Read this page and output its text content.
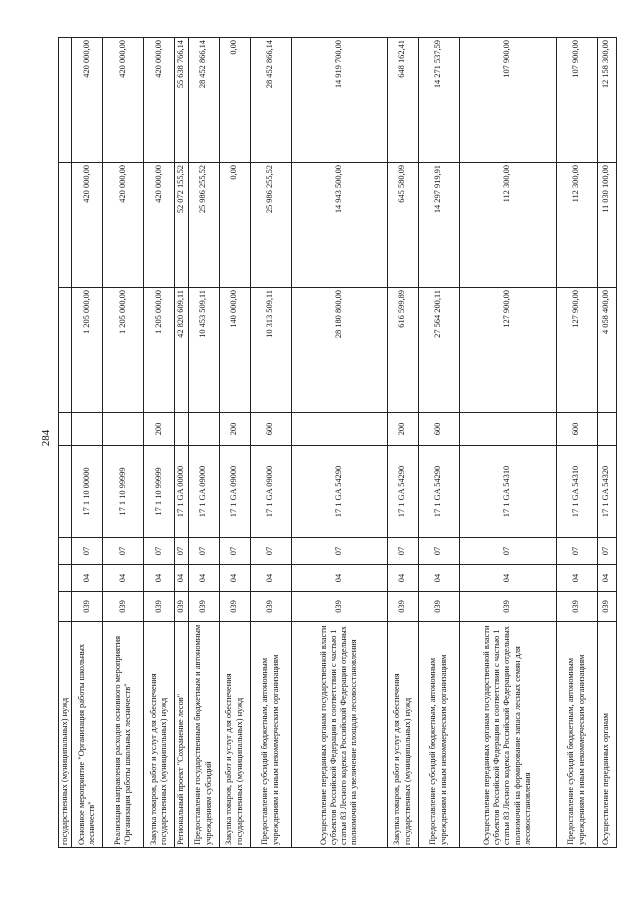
284
государственных (муниципальных) нужд								
Основное мероприятие "Организация работы школьных лесничеств"	039	04	07	17 1 10 00000		1 205 000,00	420 000,00	420 000,00
Реализация направления расходов основного мероприятия "Организация работы школьных лесничеств"	039	04	07	17 1 10 99999		1 205 000,00	420 000,00	420 000,00
Закупка товаров, работ и услуг для обеспечения государственных (муниципальных) нужд	039	04	07	17 1 10 99999	200	1 205 000,00	420 000,00	420 000,00
Региональный проект "Сохранение лесов"	039	04	07	17 1 GA 00000		42 820 609,11	52 072 155,52	55 638 766,14
Предоставление государственным бюджетным и автономным учреждениям субсидий	039	04	07	17 1 GA 09000		10 453 509,11	25 986 255,52	28 452 866,14
Закупка товаров, работ и услуг для обеспечения государственных (муниципальных) нужд	039	04	07	17 1 GA 09000	200	140 000,00	0,00	0,00
Предоставление субсидий бюджетным, автономным учреждениям и иным некоммерческим организациям	039	04	07	17 1 GA 09000	600	10 313 509,11	25 986 255,52	28 452 866,14
Осуществление переданных органам государственной власти субъектов Российской Федерации в соответствии с частью 1 статьи 83 Лесного кодекса Российской Федерации отдельных полномочий на увеличение площади лесовосстановления	039	04	07	17 1 GA 54290		28 180 800,00	14 943 500,00	14 919 700,00
Закупка товаров, работ и услуг для обеспечения государственных (муниципальных) нужд	039	04	07	17 1 GA 54290	200	616 599,89	645 580,09	648 162,41
Предоставление субсидий бюджетным, автономным учреждениям и иным некоммерческим организациям	039	04	07	17 1 GA 54290	600	27 564 200,11	14 297 919,91	14 271 537,59
Осуществление переданных органам государственной власти субъектов Российской Федерации в соответствии с частью 1 статьи 83 Лесного кодекса Российской Федерации отдельных полномочий на формирование запаса лесных семян для лесовосстановления	039	04	07	17 1 GA 54310		127 900,00	112 300,00	107 900,00
Предоставление субсидий бюджетным, автономным учреждениям и иным некоммерческим организациям	039	04	07	17 1 GA 54310	600	127 900,00	112 300,00	107 900,00
Осуществление переданных органам	039	04	07	17 1 GA 54320		4 058 400,00	11 030 100,00	12 158 300,00
